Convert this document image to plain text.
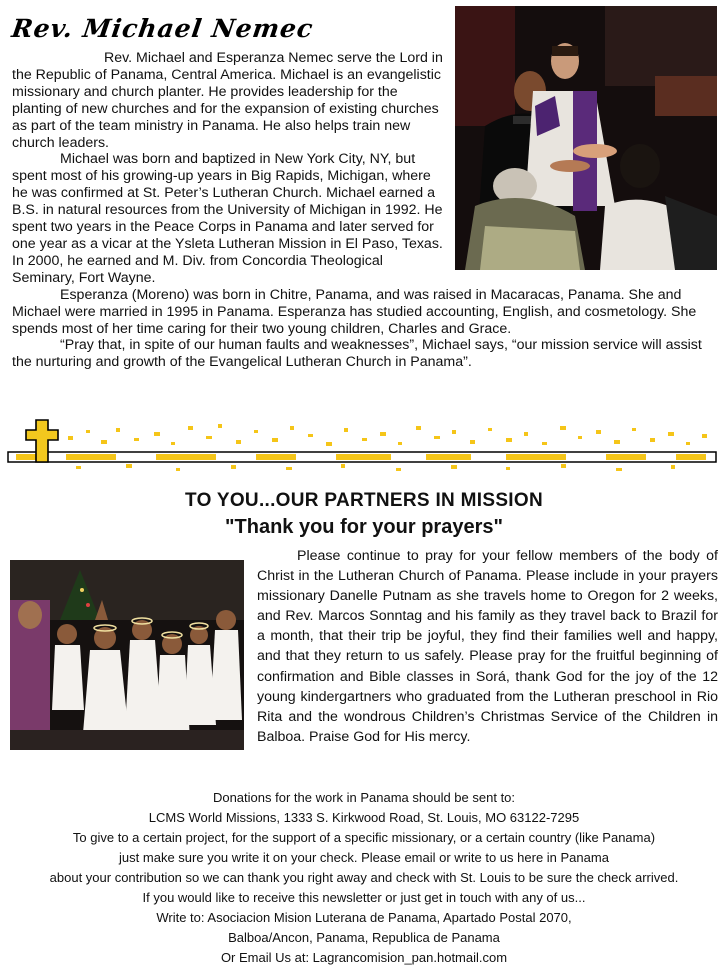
Rev. Michael Nemec

Rev. Michael and Esperanza Nemec serve the Lord in the Republic of Panama, Central America. Michael is an evangelistic missionary and church planter. He provides leadership for the planting of new churches and for the expansion of existing churches as part of the team ministry in Panama. He also helps train new church leaders.

Michael was born and baptized in New York City, NY, but spent most of his growing-up years in Big Rapids, Michigan, where he was confirmed at St. Peter’s Lutheran Church. Michael earned a B.S. in natural resources from the University of Michigan in 1992. He spent two years in the Peace Corps in Panama and later served for one year as a vicar at the Ysleta Lutheran Mission in El Paso, Texas. In 2000, he earned and M. Div. from Concordia Theological Seminary, Fort Wayne.

Esperanza (Moreno) was born in Chitre, Panama, and was raised in Macaracas, Panama. She and Michael were married in 1995 in Panama. Esperanza has studied accounting, English, and cosmetology. She spends most of her time caring for their two young children, Charles and Grace.

“Pray that, in spite of our human faults and weaknesses”, Michael says, “our mission service will assist the nurturing and growth of the Evangelical Lutheran Church in Panama”.

TO YOU...OUR PARTNERS IN MISSION
"Thank you for your prayers"
Please continue to pray for your fellow members of the body of Christ in the Lutheran Church of Panama. Please include in your prayers missionary Danelle Putnam as she travels home to Oregon for 2 weeks, and Rev. Marcos Sonntag and his family as they travel back to Brazil for a month, that their trip be joyful, they find their families well and happy, and that they return to us safely. Please pray for the fruitful beginning of confirmation and Bible classes in Sorá, thank God for the joy of the 12 young kindergartners who graduated from the Lutheran preschool in Rio Rita and the wondrous Children’s Christmas Service of the Children in Balboa. Praise God for His mercy.
Donations for the work in Panama should be sent to:
LCMS World Missions, 1333 S. Kirkwood Road, St. Louis, MO 63122-7295
To give to a certain project, for the support of a specific missionary, or a certain country (like Panama)
just make sure you write it on your check. Please email or write to us here in Panama
about your contribution so we can thank you right away and check with St. Louis to be sure the check arrived.
If you would like to receive this newsletter or just get in touch with any of us...
Write to: Asociacion Mision Luterana de Panama, Apartado Postal 2070,
Balboa/Ancon, Panama, Republica de Panama
Or Email Us at: Lagrancomision_pan.hotmail.com
